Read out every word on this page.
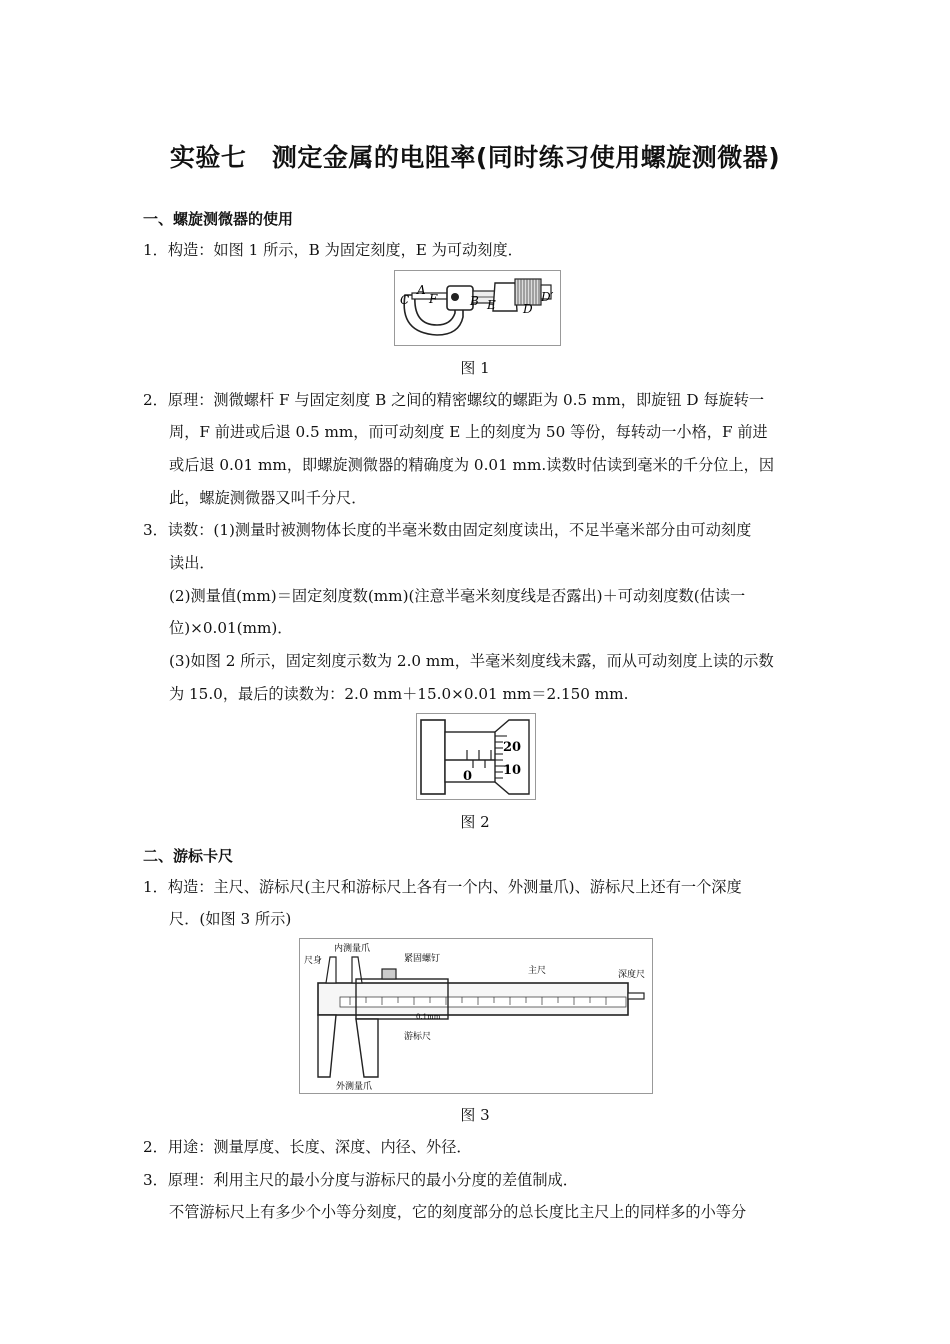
实验七　测定金属的电阻率(同时练习使用螺旋测微器)
一、螺旋测微器的使用
1．构造：如图 1 所示，B 为固定刻度，E 为可动刻度．
C
A
F	B E D
D′
图 1
2．原理：测微螺杆 F 与固定刻度 B 之间的精密螺纹的螺距为 0.5 mm，即旋钮 D 每旋转一
周，F 前进或后退 0.5 mm，而可动刻度 E 上的刻度为 50 等份，每转动一小格，F 前进
或后退 0.01 mm，即螺旋测微器的精确度为 0.01 mm.读数时估读到毫米的千分位上，因
此，螺旋测微器又叫千分尺．
3．读数：(1)测量时被测物体长度的半毫米数由固定刻度读出，不足半毫米部分由可动刻度
读出．
(2)测量值(mm)＝固定刻度数(mm)(注意半毫米刻度线是否露出)＋可动刻度数(估读一
位)×0.01(mm)．
(3)如图 2 所示，固定刻度示数为 2.0 mm，半毫米刻度线未露，而从可动刻度上读的示数
为 15.0，最后的读数为：2.0 mm＋15.0×0.01 mm＝2.150 mm.
20
10
0
图 2
二、游标卡尺
1．构造：主尺、游标尺(主尺和游标尺上各有一个内、外测量爪)、游标尺上还有一个深度
尺．(如图 3 所示)
尺身
内测量爪
紧固螺钉
主尺	深度尺
游标尺
外测量爪
0.1mm
图 3
2．用途：测量厚度、长度、深度、内径、外径．
3．原理：利用主尺的最小分度与游标尺的最小分度的差值制成．
不管游标尺上有多少个小等分刻度，它的刻度部分的总长度比主尺上的同样多的小等分
